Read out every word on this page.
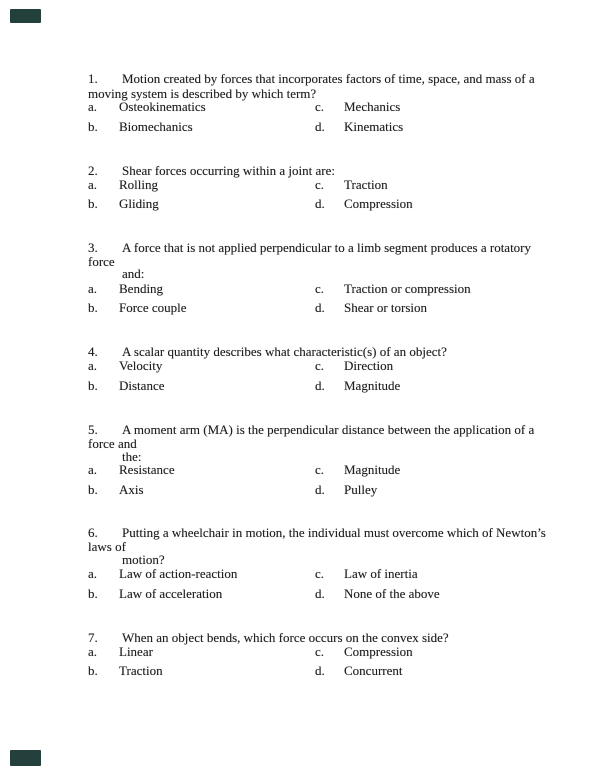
1. Motion created by forces that incorporates factors of time, space, and mass of a
moving system is described by which term?
a. Osteokinematics	c. Mechanics
b. Biomechanics	d. Kinematics
2. Shear forces occurring within a joint are:
a. Rolling	c. Traction
b. Gliding	d. Compression
3. A force that is not applied perpendicular to a limb segment produces a rotatory
force
and:
a. Bending	c. Traction or compression
b. Force couple	d. Shear or torsion
4. A scalar quantity describes what characteristic(s) of an object?
a. Velocity	c. Direction
b. Distance	d. Magnitude
5. A moment arm (MA) is the perpendicular distance between the application of a
force and
the:
a. Resistance	c. Magnitude
b. Axis	d. Pulley
6. Putting a wheelchair in motion, the individual must overcome which of Newton’s
laws of
motion?
a. Law of action-reaction	c. Law of inertia
b. Law of acceleration	d. None of the above
7. When an object bends, which force occurs on the convex side?
a. Linear	c. Compression
b. Traction	d. Concurrent
